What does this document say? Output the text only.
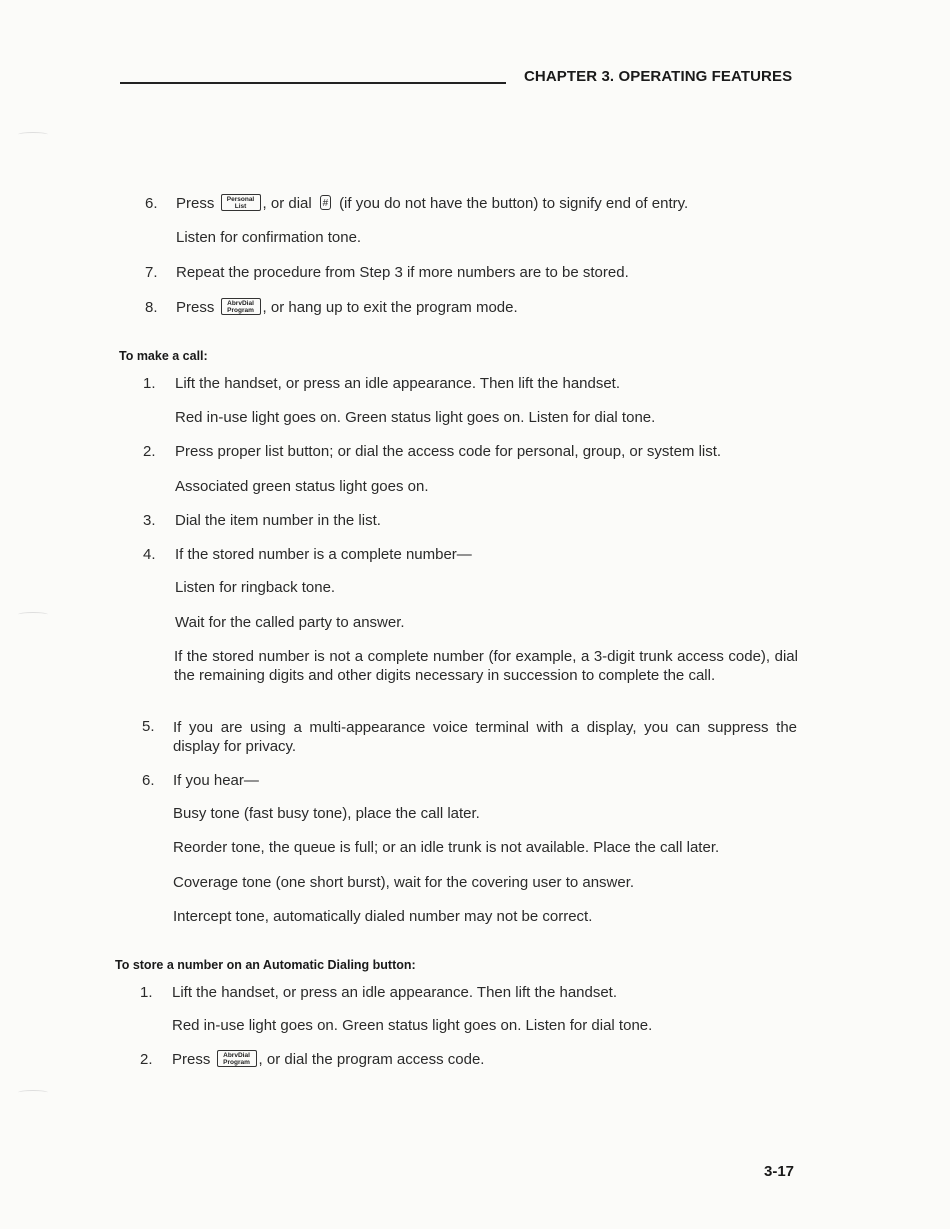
CHAPTER 3. OPERATING FEATURES
6.	Press	Personal
List	, or dial # (if you do not have the button) to signify end of entry.
Listen for confirmation tone.
7.	Repeat the procedure from Step 3 if more numbers are to be stored.
8.	Press	AbrvDial
Program , or hang up to exit the program mode.
To make a call:
1.	Lift the handset, or press an idle appearance. Then lift the handset.
Red in-use light goes on. Green status light goes on. Listen for dial tone.
2.	Press proper list button; or dial the access code for personal, group, or system list.
Associated green status light goes on.
3.	Dial the item number in the list.
4.	If the stored number is a complete number—
Listen for ringback tone.
Wait for the called party to answer.
If the stored number is not a complete number (for example, a 3-digit trunk access code), dial the remaining digits and other digits necessary in succession to complete the call.
5.	If you are using a multi-appearance voice terminal with a display, you can suppress the display for privacy.
6.	If you hear—
Busy tone (fast busy tone), place the call later.
Reorder tone, the queue is full; or an idle trunk is not available. Place the call later.
Coverage tone (one short burst), wait for the covering user to answer.
Intercept tone, automatically dialed number may not be correct.
To store a number on an Automatic Dialing button:
1.	Lift the handset, or press an idle appearance. Then lift the handset.
Red in-use light goes on. Green status light goes on. Listen for dial tone.
2.	Press	AbrvDial
Program , or dial the program access code.
3-17
